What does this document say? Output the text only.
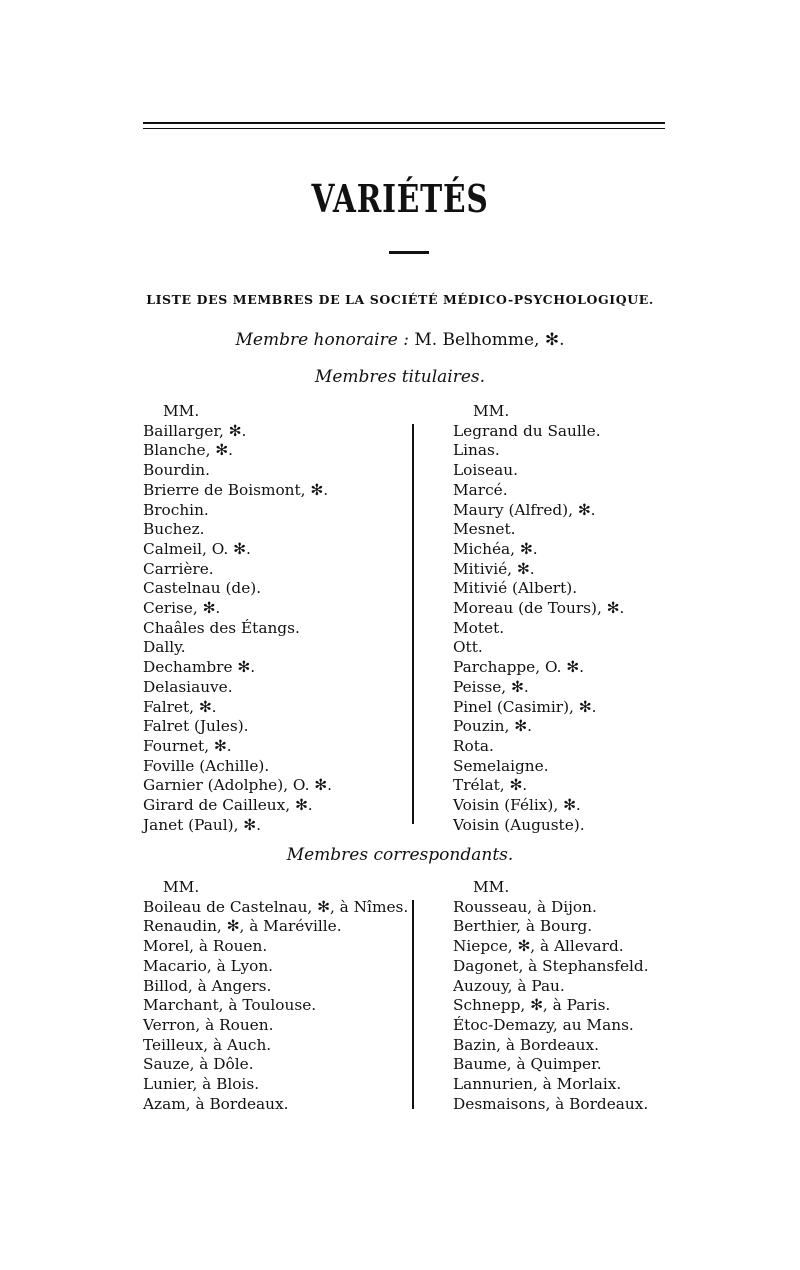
VARIÉTÉS
LISTE DES MEMBRES DE LA SOCIÉTÉ MÉDICO-PSYCHOLOGIQUE.
Membre honoraire : M. Belhomme, ✻.
Membres titulaires.
MM.
Baillarger, ✻.
Blanche, ✻.
Bourdin.
Brierre de Boismont, ✻.
Brochin.
Buchez.
Calmeil, O. ✻.
Carrière.
Castelnau (de).
Cerise, ✻.
Chaâles des Étangs.
Dally.
Dechambre ✻.
Delasiauve.
Falret, ✻.
Falret (Jules).
Fournet, ✻.
Foville (Achille).
Garnier (Adolphe), O. ✻.
Girard de Cailleux, ✻.
Janet (Paul), ✻.
MM.
Legrand du Saulle.
Linas.
Loiseau.
Marcé.
Maury (Alfred), ✻.
Mesnet.
Michéa, ✻.
Mitivié, ✻.
Mitivié (Albert).
Moreau (de Tours), ✻.
Motet.
Ott.
Parchappe, O. ✻.
Peisse, ✻.
Pinel (Casimir), ✻.
Pouzin, ✻.
Rota.
Semelaigne.
Trélat, ✻.
Voisin (Félix), ✻.
Voisin (Auguste).
Membres correspondants.
MM.
Boileau de Castelnau, ✻, à Nîmes.
Renaudin, ✻, à Maréville.
Morel, à Rouen.
Macario, à Lyon.
Billod, à Angers.
Marchant, à Toulouse.
Verron, à Rouen.
Teilleux, à Auch.
Sauze, à Dôle.
Lunier, à Blois.
Azam, à Bordeaux.
MM.
Rousseau, à Dijon.
Berthier, à Bourg.
Niepce, ✻, à Allevard.
Dagonet, à Stephansfeld.
Auzouy, à Pau.
Schnepp, ✻, à Paris.
Étoc-Demazy, au Mans.
Bazin, à Bordeaux.
Baume, à Quimper.
Lannurien, à Morlaix.
Desmaisons, à Bordeaux.
